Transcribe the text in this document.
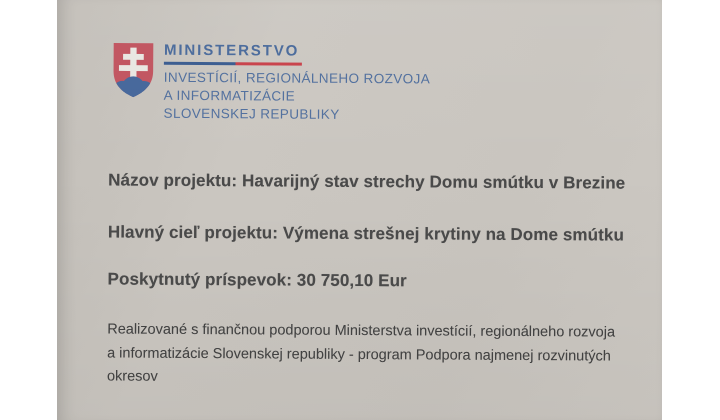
MINISTERSTVO
INVESTÍCIÍ, REGIONÁLNEHO ROZVOJA
A INFORMATIZÁCIE
SLOVENSKEJ REPUBLIKY
Názov projektu: Havarijný stav strechy Domu smútku v Brezine
Hlavný cieľ projektu: Výmena strešnej krytiny na Dome smútku
Poskytnutý príspevok: 30 750,10 Eur
Realizované s finančnou podporou Ministerstva investícií, regionálneho rozvoja
a informatizácie Slovenskej republiky - program Podpora najmenej rozvinutých
okresov
